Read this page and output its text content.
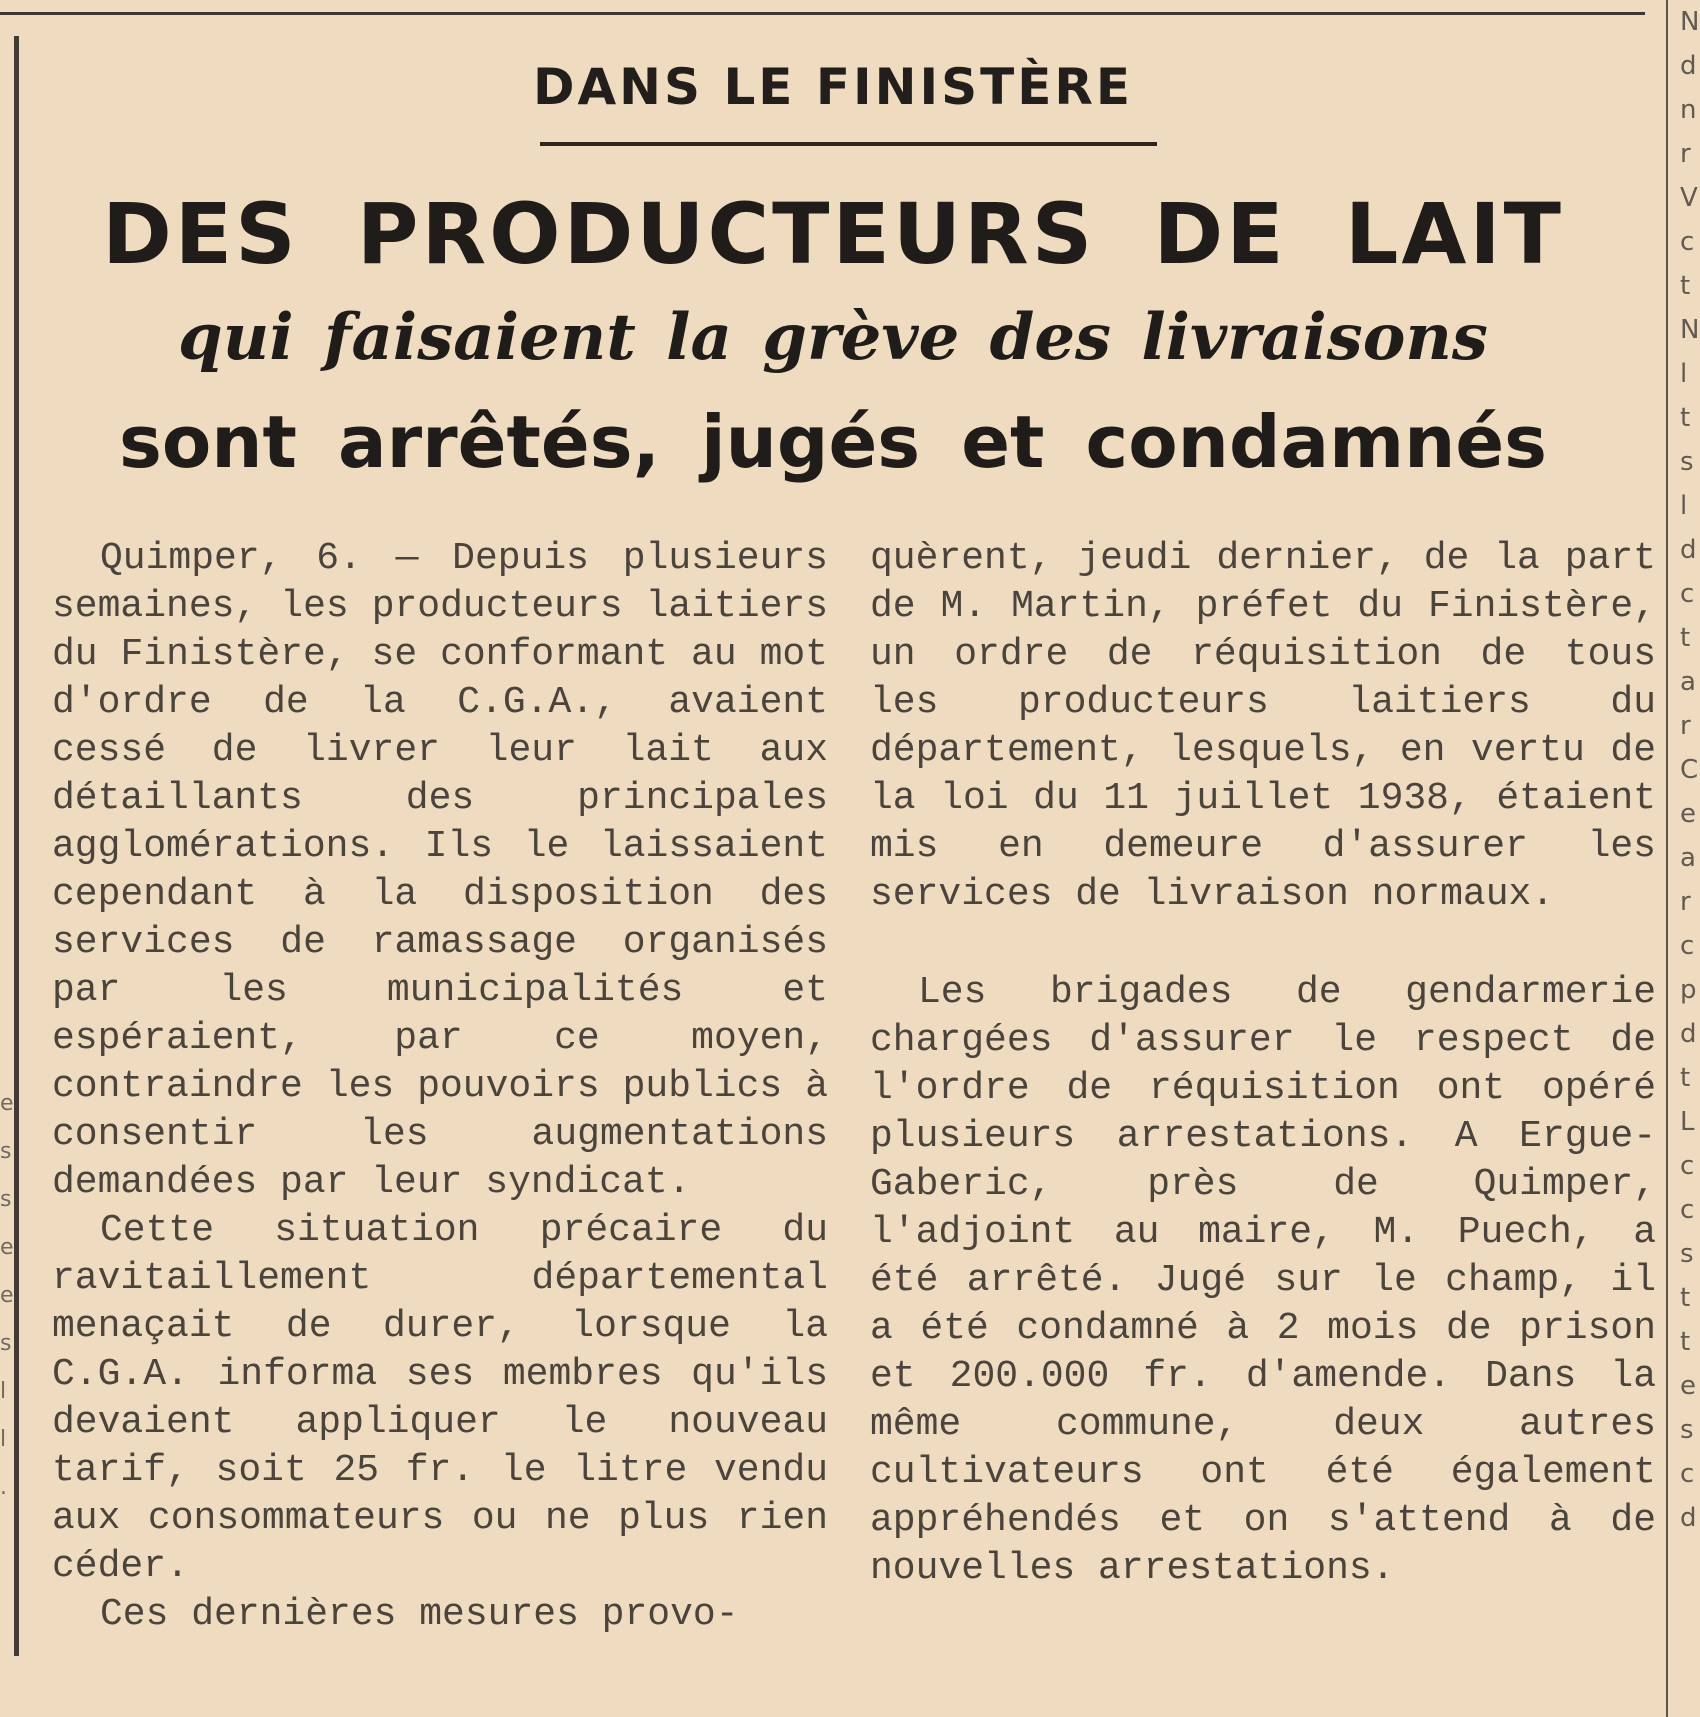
N
d
n
r
V
c
t
N
l
t
s
l
d
c
t
a
r
C
e
a
r
c
p
d
t
L
c
c
s
t
t
e
s
c
d
e
s
s
e
e
s
l
l
.
DANS LE FINISTÈRE
DES PRODUCTEURS DE LAIT
qui faisaient la grève des livraisons
sont arrêtés, jugés et condamnés

Quimper, 6. — Depuis plusieurs semaines, les producteurs laitiers du Finistère, se conformant au mot d'ordre de la C.G.A., avaient cessé de livrer leur lait aux détaillants des principales agglomérations. Ils le laissaient cependant à la disposition des services de ramassage organisés par les municipalités et espéraient, par ce moyen, contraindre les pouvoirs publics à consentir les augmentations demandées par leur syndicat.

Cette situation précaire du ravitaillement départemental menaçait de durer, lorsque la C.G.A. informa ses membres qu'ils devaient appliquer le nouveau tarif, soit 25 fr. le litre vendu aux consommateurs ou ne plus rien céder.

Ces dernières mesures provo-

quèrent, jeudi dernier, de la part de M. Martin, préfet du Finistère, un ordre de réquisition de tous les producteurs laitiers du département, lesquels, en vertu de la loi du 11 juillet 1938, étaient mis en demeure d'assurer les services de livraison normaux.

Les brigades de gendarmerie chargées d'assurer le respect de l'ordre de réquisition ont opéré plusieurs arrestations. A Ergue-Gaberic, près de Quimper, l'adjoint au maire, M. Puech, a été arrêté. Jugé sur le champ, il a été condamné à 2 mois de prison et 200.000 fr. d'amende. Dans la même commune, deux autres cultivateurs ont été également appréhendés et on s'attend à de nouvelles arrestations.
